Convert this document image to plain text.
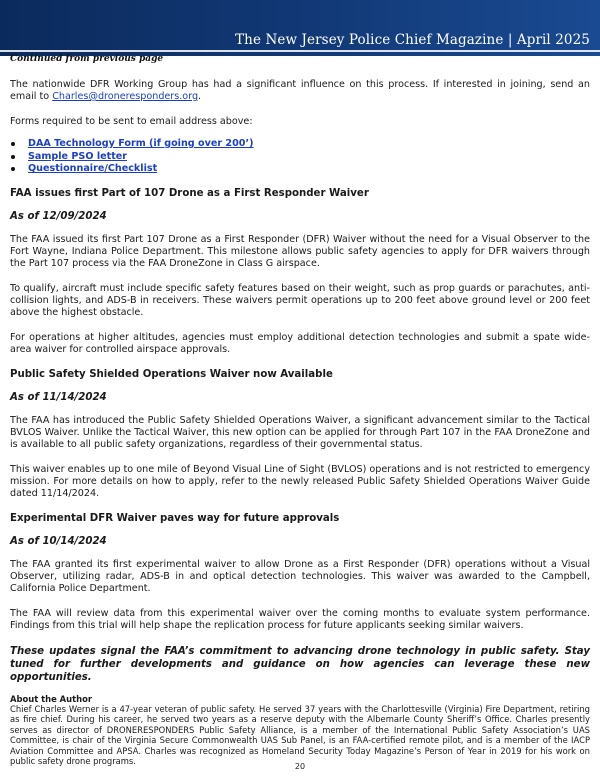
The New Jersey Police Chief Magazine | April 2025
Continued from previous page

The nationwide DFR Working Group has had a significant influence on this process. If interested in joining, send an email to Charles@droneresponders.org.

Forms required to be sent to email address above:

DAA Technology Form (if going over 200’)
Sample PSO letter
Questionnaire/Checklist
FAA issues first Part of 107 Drone as a First Responder Waiver
As of 12/09/2024

The FAA issued its first Part 107 Drone as a First Responder (DFR) Waiver without the need for a Visual Observer to the Fort Wayne, Indiana Police Department. This milestone allows public safety agencies to apply for DFR waivers through the Part 107 process via the FAA DroneZone in Class G airspace.

To qualify, aircraft must include specific safety features based on their weight, such as prop guards or parachutes, anti-collision lights, and ADS-B in receivers. These waivers permit operations up to 200 feet above ground level or 200 feet above the highest obstacle.

For operations at higher altitudes, agencies must employ additional detection technologies and submit a spate wide-area waiver for controlled airspace approvals.

Public Safety Shielded Operations Waiver now Available
As of 11/14/2024

The FAA has introduced the Public Safety Shielded Operations Waiver, a significant advancement similar to the Tactical BVLOS Waiver. Unlike the Tactical Waiver, this new option can be applied for through Part 107 in the FAA DroneZone and is available to all public safety organizations, regardless of their governmental status.

This waiver enables up to one mile of Beyond Visual Line of Sight (BVLOS) operations and is not restricted to emergency mission. For more details on how to apply, refer to the newly released Public Safety Shielded Operations Waiver Guide dated 11/14/2024.

Experimental DFR Waiver paves way for future approvals
As of 10/14/2024

The FAA granted its first experimental waiver to allow Drone as a First Responder (DFR) operations without a Visual Observer, utilizing radar, ADS-B in and optical detection technologies. This waiver was awarded to the Campbell, California Police Department.

The FAA will review data from this experimental waiver over the coming months to evaluate system performance. Findings from this trial will help shape the replication process for future applicants seeking similar waivers.

These updates signal the FAA’s commitment to advancing drone technology in public safety. Stay tuned for further developments and guidance on how agencies can leverage these new opportunities.

About the Author
Chief Charles Werner is a 47-year veteran of public safety. He served 37 years with the Charlottesville (Virginia) Fire Department, retiring as fire chief. During his career, he served two years as a reserve deputy with the Albemarle County Sheriff’s Office. Charles presently serves as director of DRONERESPONDERS Public Safety Alliance, is a member of the International Public Safety Association’s UAS Committee, is chair of the Virginia Secure Commonwealth UAS Sub Panel, is an FAA-certified remote pilot, and is a member of the IACP Aviation Committee and APSA. Charles was recognized as Homeland Security Today Magazine’s Person of Year in 2019 for his work on public safety drone programs.
20
